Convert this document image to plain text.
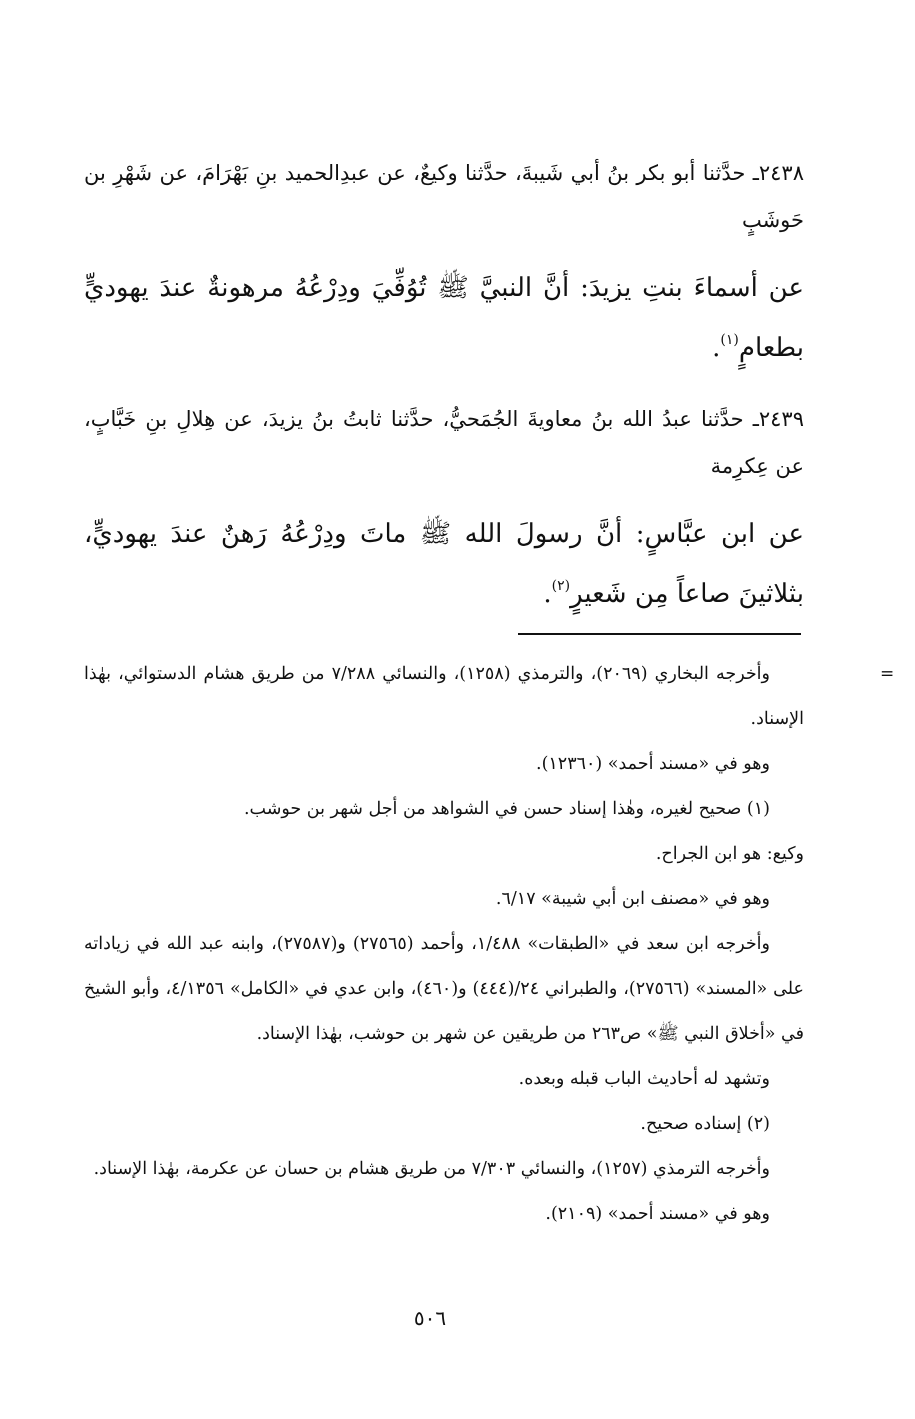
٢٤٣٨ـ حدَّثنا أبو بكر بنُ أبي شَيبةَ، حدَّثنا وكيعٌ، عن عبدِالحميد بنِ بَهْرَامَ، عن شَهْرِ بن حَوشَبٍ

عن أسماءَ بنتِ يزيدَ: أنَّ النبيَّ ﷺ تُوُفِّيَ ودِرْعُهُ مرهونةٌ عندَ يهوديٍّ بطعامٍ$^{(١)}$.

٢٤٣٩ـ حدَّثنا عبدُ الله بنُ معاويةَ الجُمَحيُّ، حدَّثنا ثابتُ بنُ يزيدَ، عن هِلالِ بنِ خَبَّابٍ، عن عِكرِمة

عن ابن عبَّاسٍ: أنَّ رسولَ الله ﷺ ماتَ ودِرْعُهُ رَهنٌ عندَ يهوديٍّ، بثلاثينَ صاعاً مِن شَعيرٍ$^{(٢)}$.

=

وأخرجه البخاري (٢٠٦٩)، والترمذي (١٢٥٨)، والنسائي ٧/٢٨٨ من طريق هشام الدستوائي، بهٰذا الإسناد.

وهو في «مسند أحمد» (١٢٣٦٠).

(١) صحيح لغيره، وهٰذا إسناد حسن في الشواهد من أجل شهر بن حوشب.

وكيع: هو ابن الجراح.

وهو في «مصنف ابن أبي شيبة» ٦/١٧.

وأخرجه ابن سعد في «الطبقات» ١/٤٨٨، وأحمد (٢٧٥٦٥) و(٢٧٥٨٧)، وابنه عبد الله في زياداته على «المسند» (٢٧٥٦٦)، والطبراني ٢٤/(٤٤٤) و(٤٦٠)، وابن عدي في «الكامل» ٤/١٣٥٦، وأبو الشيخ في «أخلاق النبي ﷺ» ص٢٦٣ من طريقين عن شهر بن حوشب، بهٰذا الإسناد.

وتشهد له أحاديث الباب قبله وبعده.

(٢) إسناده صحيح.

وأخرجه الترمذي (١٢٥٧)، والنسائي ٧/٣٠٣ من طريق هشام بن حسان عن عكرمة، بهٰذا الإسناد.

وهو في «مسند أحمد» (٢١٠٩).

٥٠٦
